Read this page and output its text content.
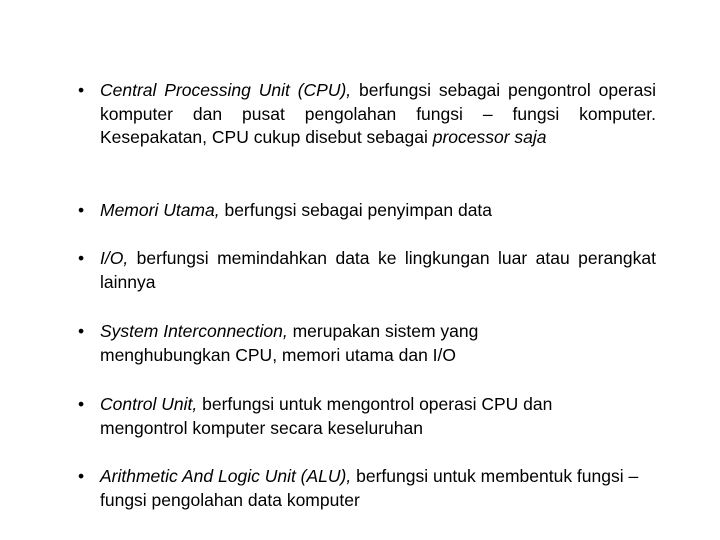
• Central Processing Unit (CPU), berfungsi sebagai pengontrol operasi komputer dan pusat pengolahan fungsi – fungsi komputer. Kesepakatan, CPU cukup disebut sebagai processor saja
• Memori Utama, berfungsi sebagai penyimpan data
• I/O, berfungsi memindahkan data ke lingkungan luar atau perangkat lainnya
• System Interconnection, merupakan sistem yang menghubungkan CPU, memori utama dan I/O
• Control Unit, berfungsi untuk mengontrol operasi CPU dan mengontrol komputer secara keseluruhan
• Arithmetic And Logic Unit (ALU), berfungsi untuk membentuk fungsi – fungsi pengolahan data komputer
